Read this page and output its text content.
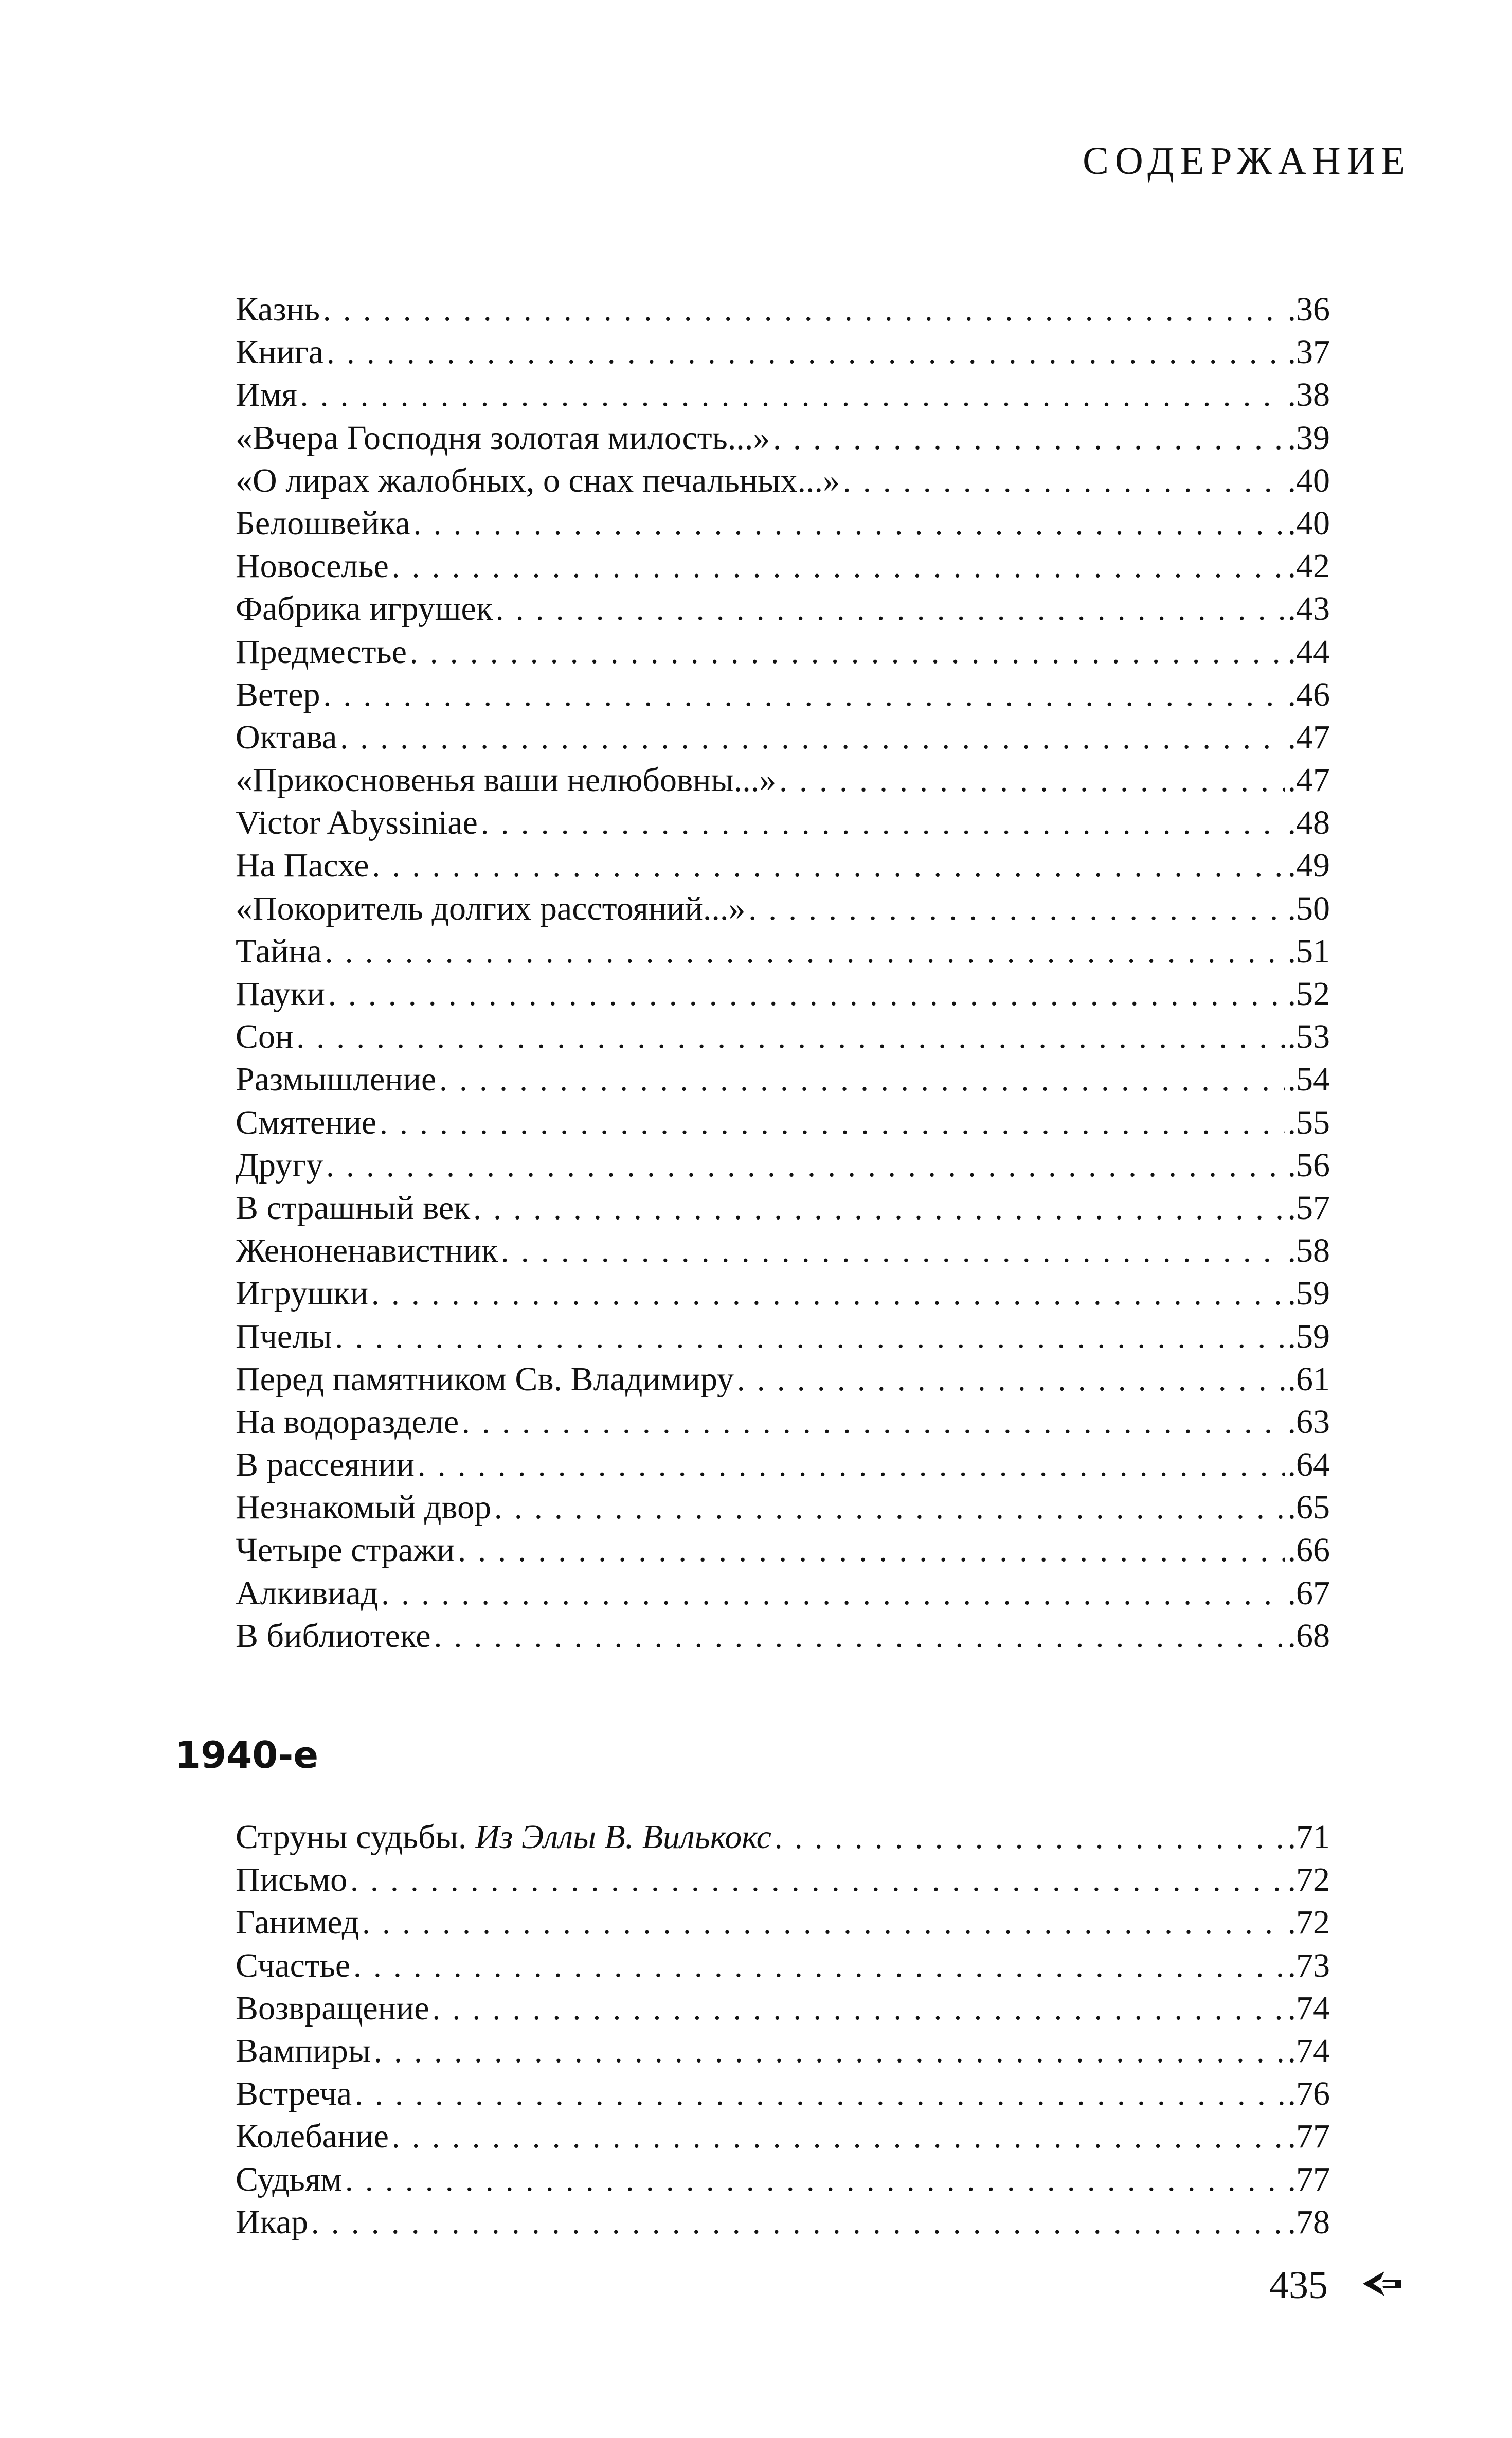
СОДЕРЖАНИЕ
Казнь . . .	.36
Книга . . .	.37
Имя . . .	.38
«Вчера Господня золотая милость...» . . .	.39
«О лирах жалобных, о снах печальных...» . . .	.40
Белошвейка . . .	.40
Новоселье . . .	.42
Фабрика игрушек . . .	.43
Предместье . . .	.44
Ветер . . .	.46
Октава . . .	.47
«Прикосновенья ваши нелюбовны...» . . .	.47
Victor Abyssiniae . . .	.48
На Пасхе . . .	.49
«Покоритель долгих расстояний...» . . .	.50
Тайна . . .	.51
Пауки . . .	.52
Сон . . .	.53
Размышление . . .	.54
Смятение . . .	.55
Другу . . .	.56
В страшный век . . .	.57
Женоненавистник . . .	.58
Игрушки . . .	.59
Пчелы . . .	.59
Перед памятником Св. Владимиру . . .	.61
На водоразделе . . .	.63
В рассеянии . . .	.64
Незнакомый двор . . .	.65
Четыре стражи . . .	.66
Алкивиад . . .	.67
В библиотеке . . .	.68
1940-е
Струны судьбы. Из Эллы В. Вилькокс . . .	.71
Письмо . . .	.72
Ганимед . . .	.72
Счастье . . .	.73
Возвращение . . .	.74
Вампиры . . .	.74
Встреча . . .	.76
Колебание . . .	.77
Судьям . . .	.77
Икар . . .	.78
435
